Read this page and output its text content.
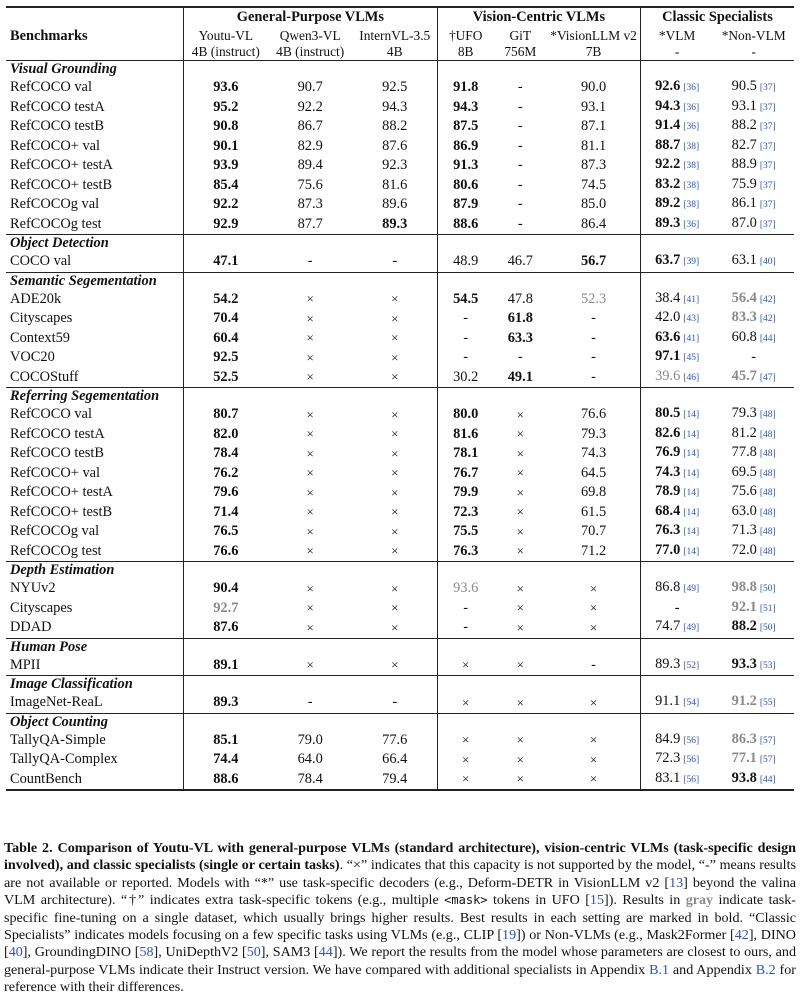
	General-Purpose VLMs			Vision-Centric VLMs			Classic Specialists	
Benchmarks	Youtu-VL	Qwen3-VL	InternVL-3.5	†UFO	GiT	*VisionLLM v2	*VLM	*Non-VLM
	4B (instruct)	4B (instruct)	4B	8B	756M	7B	-	-
Visual Grounding								
RefCOCO val	93.6	90.7	92.5	91.8	-	90.0	92.6 [36]	90.5 [37]
RefCOCO testA	95.2	92.2	94.3	94.3	-	93.1	94.3 [36]	93.1 [37]
RefCOCO testB	90.8	86.7	88.2	87.5	-	87.1	91.4 [36]	88.2 [37]
RefCOCO+ val	90.1	82.9	87.6	86.9	-	81.1	88.7 [38]	82.7 [37]
RefCOCO+ testA	93.9	89.4	92.3	91.3	-	87.3	92.2 [38]	88.9 [37]
RefCOCO+ testB	85.4	75.6	81.6	80.6	-	74.5	83.2 [38]	75.9 [37]
RefCOCOg val	92.2	87.3	89.6	87.9	-	85.0	89.2 [38]	86.1 [37]
RefCOCOg test	92.9	87.7	89.3	88.6	-	86.4	89.3 [36]	87.0 [37]
Object Detection								
COCO val	47.1	-	-	48.9	46.7	56.7	63.7 [39]	63.1 [40]
Semantic Segementation								
ADE20k	54.2	×	×	54.5	47.8	52.3	38.4 [41]	56.4 [42]
Cityscapes	70.4	×	×	-	61.8	-	42.0 [43]	83.3 [42]
Context59	60.4	×	×	-	63.3	-	63.6 [41]	60.8 [44]
VOC20	92.5	×	×	-	-	-	97.1 [45]	-
COCOStuff	52.5	×	×	30.2	49.1	-	39.6 [46]	45.7 [47]
Referring Segementation								
RefCOCO val	80.7	×	×	80.0	×	76.6	80.5 [14]	79.3 [48]
RefCOCO testA	82.0	×	×	81.6	×	79.3	82.6 [14]	81.2 [48]
RefCOCO testB	78.4	×	×	78.1	×	74.3	76.9 [14]	77.8 [48]
RefCOCO+ val	76.2	×	×	76.7	×	64.5	74.3 [14]	69.5 [48]
RefCOCO+ testA	79.6	×	×	79.9	×	69.8	78.9 [14]	75.6 [48]
RefCOCO+ testB	71.4	×	×	72.3	×	61.5	68.4 [14]	63.0 [48]
RefCOCOg val	76.5	×	×	75.5	×	70.7	76.3 [14]	71.3 [48]
RefCOCOg test	76.6	×	×	76.3	×	71.2	77.0 [14]	72.0 [48]
Depth Estimation								
NYUv2	90.4	×	×	93.6	×	×	86.8 [49]	98.8 [50]
Cityscapes	92.7	×	×	-	×	×	-	92.1 [51]
DDAD	87.6	×	×	-	×	×	74.7 [49]	88.2 [50]
Human Pose								
MPII	89.1	×	×	×	×	-	89.3 [52]	93.3 [53]
Image Classification								
ImageNet-ReaL	89.3	-	-	×	×	×	91.1 [54]	91.2 [55]
Object Counting								
TallyQA-Simple	85.1	79.0	77.6	×	×	×	84.9 [56]	86.3 [57]
TallyQA-Complex	74.4	64.0	66.4	×	×	×	72.3 [56]	77.1 [57]
CountBench	88.6	78.4	79.4	×	×	×	83.1 [56]	93.8 [44]
Table 2. Comparison of Youtu-VL with general-purpose VLMs (standard architecture), vision-centric VLMs (task-specific design involved), and classic specialists (single or certain tasks). “×” indicates that this capacity is not supported by the model, “-” means results are not available or reported. Models with “*” use task-specific decoders (e.g., Deform-DETR in VisionLLM v2 [13] beyond the valina VLM architecture). “†” indicates extra task-specific tokens (e.g., multiple <mask> tokens in UFO [15]). Results in gray indicate task-specific fine-tuning on a single dataset, which usually brings higher results. Best results in each setting are marked in bold. “Classic Specialists” indicates models focusing on a few specific tasks using VLMs (e.g., CLIP [19]) or Non-VLMs (e.g., Mask2Former [42], DINO [40], GroundingDINO [58], UniDepthV2 [50], SAM3 [44]). We report the results from the model whose parameters are closest to ours, and general-purpose VLMs indicate their Instruct version. We have compared with additional specialists in Appendix B.1 and Appendix B.2 for reference with their differences.
